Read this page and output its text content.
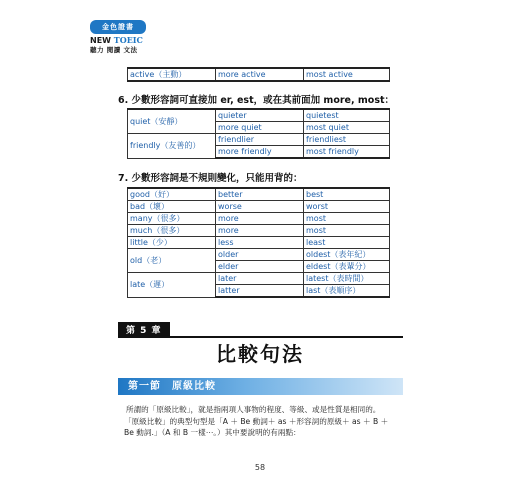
金色證書
NEW TOEIC
聽力 閱讀 文法
active（主動）	more active	most active
6. 少數形容詞可直接加 er, est，或在其前面加 more, most：
quiet（安靜）	quieter	quietest
	more quiet	most quiet
friendly（友善的）	friendlier	friendliest
	more friendly	most friendly
7. 少數形容詞是不規則變化，只能用背的：
good（好）	better	best
bad（壞）	worse	worst
many（很多）	more	most
much（很多）	more	most
little（少）	less	least
old（老）	older	oldest（表年紀）
	elder	eldest（表輩分）
late（遲）	later	latest（表時間）
	latter	last（表順序）
第 5 章
比較句法
第一節　原級比較

所謂的「原級比較」，就是指兩項人事物的程度、等級、或是性質是相同的。

「原級比較」的典型句型是「A ＋ Be 動詞＋ as ＋形容詞的原級＋ as ＋ B ＋

Be 動詞.」（A 和 B 一樣⋯。）其中要說明的有兩點：

58
